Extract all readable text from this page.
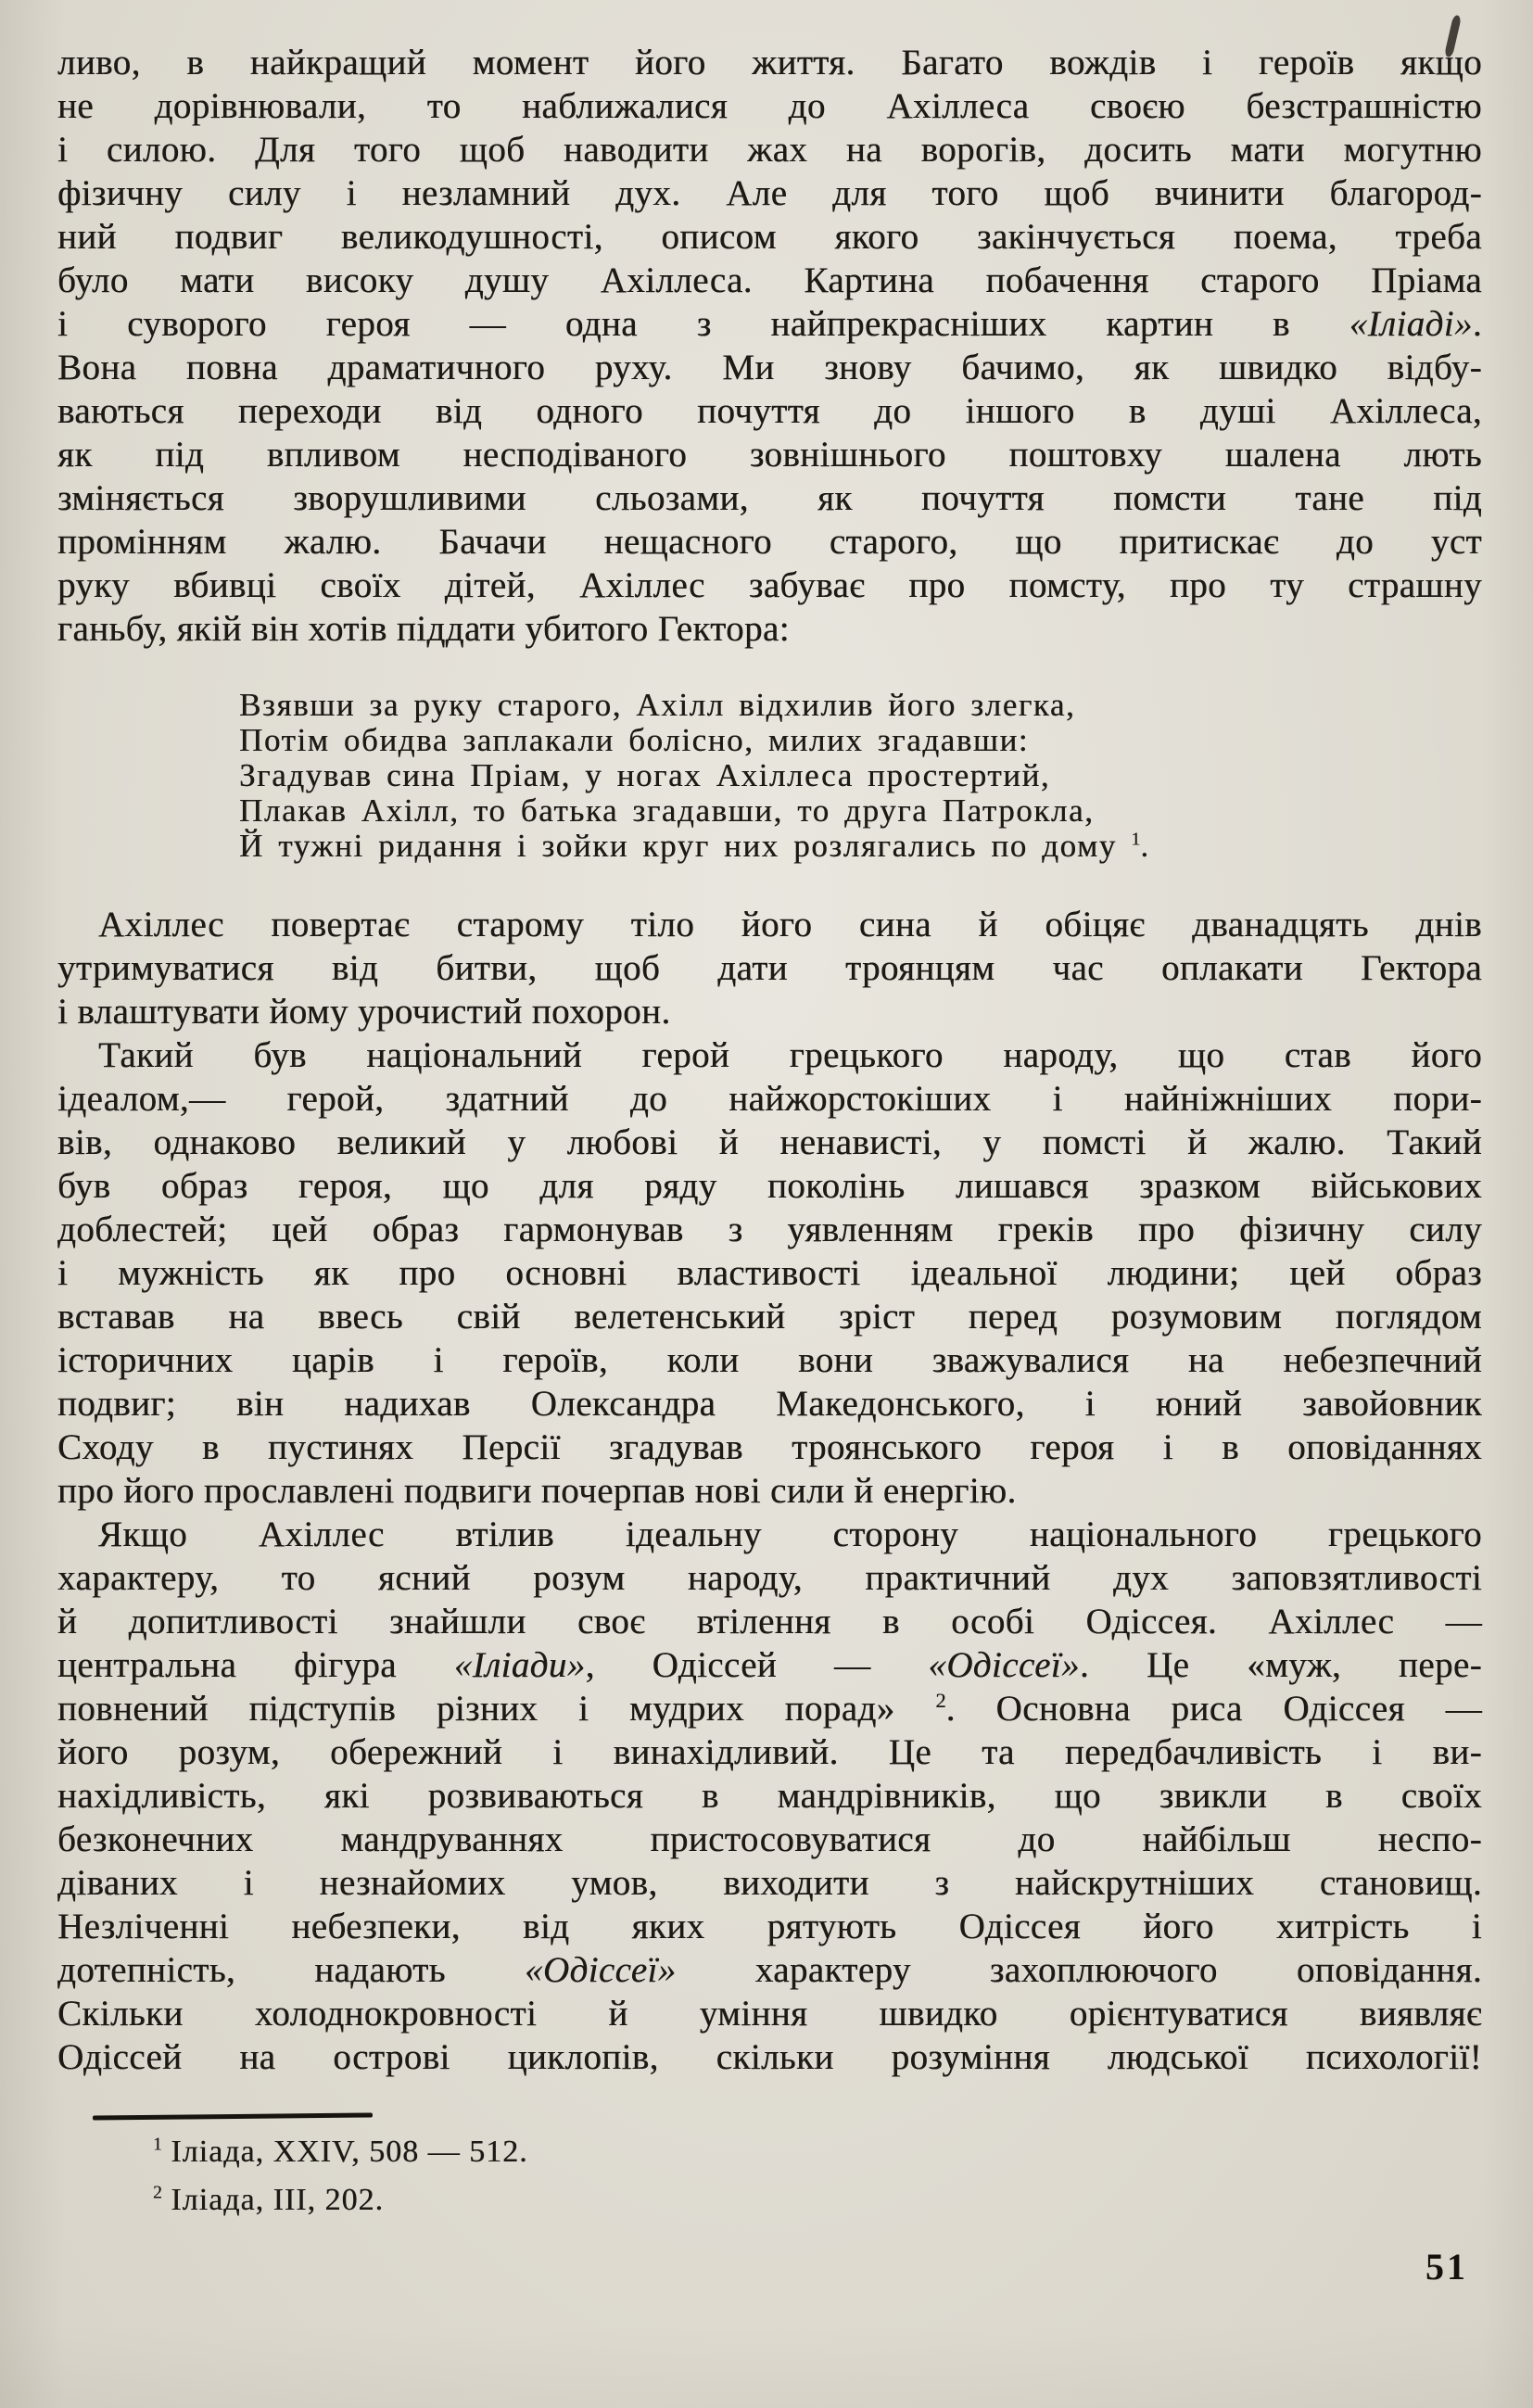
ливо, в найкращий момент його життя. Багато вождів і героїв якщо
не дорівнювали, то наближалися до Ахіллеса своєю безстрашністю
і силою. Для того щоб наводити жах на ворогів, досить мати могутню
фізичну силу і незламний дух. Але для того щоб вчинити благород-
ний подвиг великодушності, описом якого закінчується поема, треба
було мати високу душу Ахіллеса. Картина побачення старого Пріама
і суворого героя — одна з найпрекрасніших картин в «Іліаді».
Вона повна драматичного руху. Ми знову бачимо, як швидко відбу-
ваються переходи від одного почуття до іншого в душі Ахіллеса,
як під впливом несподіваного зовнішнього поштовху шалена лють
зміняється зворушливими сльозами, як почуття помсти тане під
промінням жалю. Бачачи нещасного старого, що притискає до уст
руку вбивці своїх дітей, Ахіллес забуває про помсту, про ту страшну
ганьбу, якій він хотів піддати убитого Гектора:
Взявши за руку старого, Ахілл відхилив його злегка,
Потім обидва заплакали болісно, милих згадавши:
Згадував сина Пріам, у ногах Ахіллеса простертий,
Плакав Ахілл, то батька згадавши, то друга Патрокла,
Й тужні ридання і зойки круг них розлягались по дому $^1$.
Ахіллес повертає старому тіло його сина й обіцяє дванадцять днів
утримуватися від битви, щоб дати троянцям час оплакати Гектора
і влаштувати йому урочистий похорон.
Такий був національний герой грецького народу, що став його
ідеалом,— герой, здатний до найжорстокіших і найніжніших пори-
вів, однаково великий у любові й ненависті, у помсті й жалю. Такий
був образ героя, що для ряду поколінь лишався зразком військових
доблестей; цей образ гармонував з уявленням греків про фізичну силу
і мужність як про основні властивості ідеальної людини; цей образ
вставав на ввесь свій велетенський зріст перед розумовим поглядом
історичних царів і героїв, коли вони зважувалися на небезпечний
подвиг; він надихав Олександра Македонського, і юний завойовник
Сходу в пустинях Персії згадував троянського героя і в оповіданнях
про його прославлені подвиги почерпав нові сили й енергію.
Якщо Ахіллес втілив ідеальну сторону національного грецького
характеру, то ясний розум народу, практичний дух заповзятливості
й допитливості знайшли своє втілення в особі Одіссея. Ахіллес —
центральна фігура «Іліади», Одіссей — «Одіссеї». Це «муж, пере-
повнений підступів різних і мудрих порад» $^2$. Основна риса Одіссея —
його розум, обережний і винахідливий. Це та передбачливість і ви-
нахідливість, які розвиваються в мандрівників, що звикли в своїх
безконечних мандруваннях пристосовуватися до найбільш неспо-
діваних і незнайомих умов, виходити з найскрутніших становищ.
Незліченні небезпеки, від яких рятують Одіссея його хитрість і
дотепність, надають «Одіссеї» характеру захоплюючого оповідання.
Скільки холоднокровності й уміння швидко орієнтуватися виявляє
Одіссей на острові циклопів, скільки розуміння людської психології!
$^1$ Іліада, XXIV, 508 — 512.
$^2$ Іліада, III, 202.
51
